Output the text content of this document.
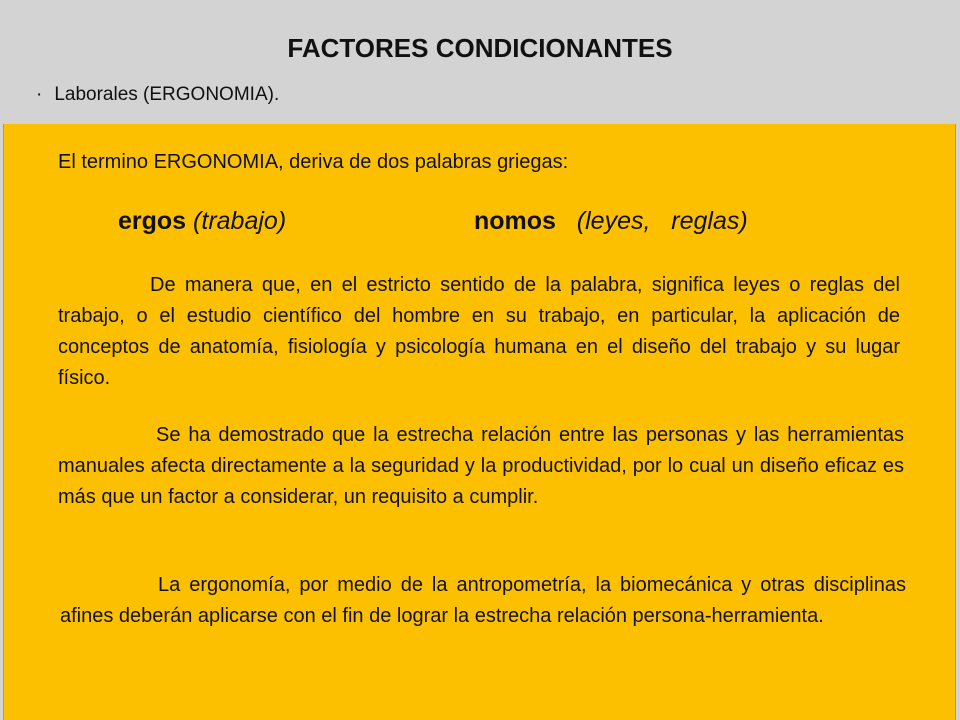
FACTORES CONDICIONANTES
· Laborales (ERGONOMIA).
El termino ERGONOMIA, deriva de dos palabras griegas:
ergos (trabajo)	nomos (leyes,   reglas)
De manera que, en el estricto sentido de la palabra, significa leyes o reglas del trabajo, o el estudio científico del hombre en su trabajo, en particular, la aplicación de conceptos de anatomía, fisiología y psicología humana en el diseño del trabajo y su lugar físico.
Se ha demostrado que la estrecha relación entre las personas y las herramientas manuales afecta directamente a la seguridad y la productividad, por lo cual un diseño eficaz es más que un factor a considerar, un requisito a cumplir.
La ergonomía, por medio de la antropometría, la biomecánica y otras disciplinas afines deberán aplicarse con el fin de lograr la estrecha relación persona-herramienta.
